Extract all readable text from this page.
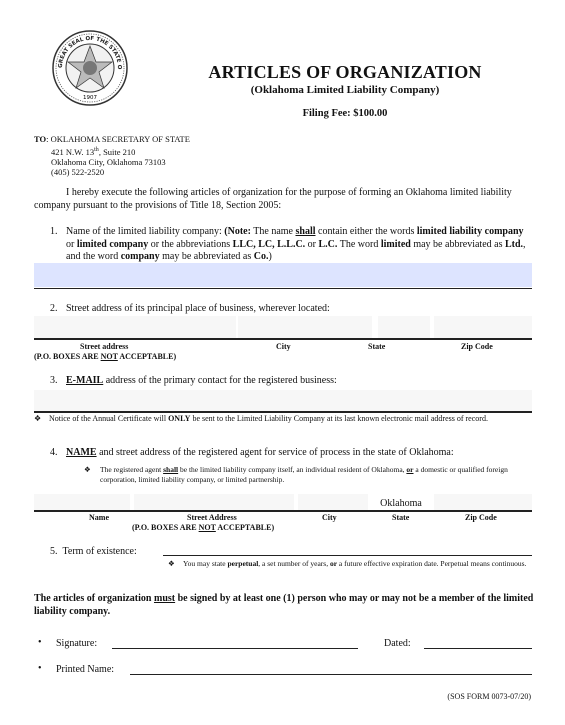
GREAT SEAL OF THE STATE O
1907
ARTICLES OF ORGANIZATION
(Oklahoma Limited Liability Company)
Filing Fee: $100.00
TO: OKLAHOMA SECRETARY OF STATE
421 N.W. 13th, Suite 210
Oklahoma City, Oklahoma 73103
(405) 522-2520
I hereby execute the following articles of organization for the purpose of forming an Oklahoma limited liability company pursuant to the provisions of Title 18, Section 2005:
1. Name of the limited liability company: (Note: The name shall contain either the words limited liability company or limited company or the abbreviations LLC, LC, L.L.C. or L.C. The word limited may be abbreviated as Ltd., and the word company may be abbreviated as Co.)
2. Street address of its principal place of business, wherever located:
Street address	City	State	Zip Code
(P.O. BOXES ARE NOT ACCEPTABLE)
3. E-MAIL address of the primary contact for the registered business:
❖ Notice of the Annual Certificate will ONLY be sent to the Limited Liability Company at its last known electronic mail address of record.
4. NAME and street address of the registered agent for service of process in the state of Oklahoma:
❖	The registered agent shall be the limited liability company itself, an individual resident of Oklahoma, or a domestic or qualified foreign corporation, limited liability company, or limited partnership.
Oklahoma
Name	Street Address	City	State	Zip Code
(P.O. BOXES ARE NOT ACCEPTABLE)
5. Term of existence:
❖	You may state perpetual, a set number of years, or a future effective expiration date. Perpetual means continuous.
The articles of organization must be signed by at least one (1) person who may or may not be a member of the limited liability company.
• Signature:	Dated:
• Printed Name:
(SOS FORM 0073-07/20)
